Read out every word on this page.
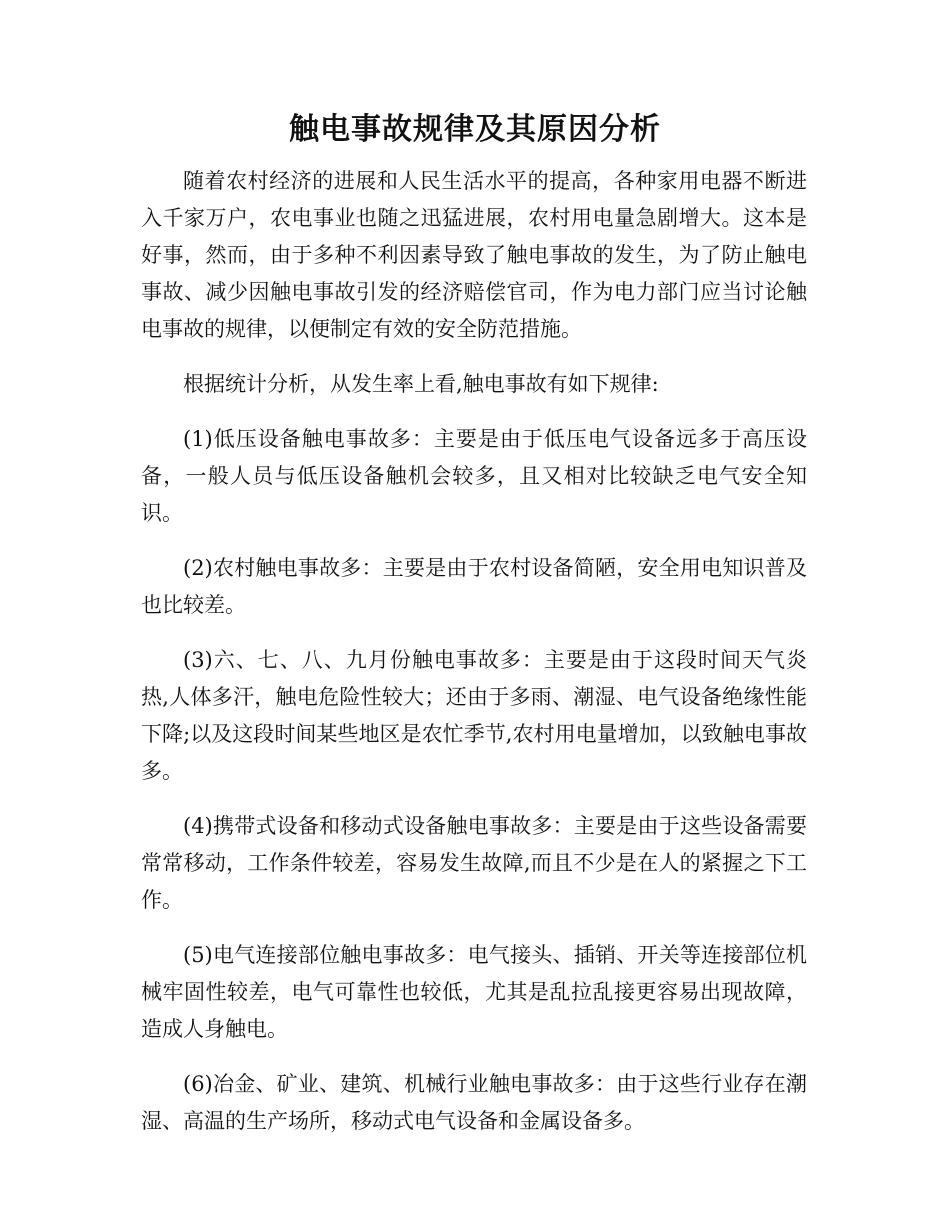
触电事故规律及其原因分析

随着农村经济的进展和人民生活水平的提高，各种家用电器不断进入千家万户，农电事业也随之迅猛进展，农村用电量急剧增大。这本是好事，然而，由于多种不利因素导致了触电事故的发生，为了防止触电事故、减少因触电事故引发的经济赔偿官司，作为电力部门应当讨论触电事故的规律，以便制定有效的安全防范措施。

根据统计分析，从发生率上看,触电事故有如下规律:

(1)低压设备触电事故多：主要是由于低压电气设备远多于高压设备，一般人员与低压设备触机会较多，且又相对比较缺乏电气安全知识。

(2)农村触电事故多：主要是由于农村设备简陋，安全用电知识普及也比较差。

(3)六、七、八、九月份触电事故多：主要是由于这段时间天气炎热,人体多汗，触电危险性较大；还由于多雨、潮湿、电气设备绝缘性能下降;以及这段时间某些地区是农忙季节,农村用电量增加，以致触电事故多。

(4)携带式设备和移动式设备触电事故多：主要是由于这些设备需要常常移动，工作条件较差，容易发生故障,而且不少是在人的紧握之下工作。

(5)电气连接部位触电事故多：电气接头、插销、开关等连接部位机械牢固性较差，电气可靠性也较低，尤其是乱拉乱接更容易出现故障，造成人身触电。

(6)冶金、矿业、建筑、机械行业触电事故多：由于这些行业存在潮湿、高温的生产场所，移动式电气设备和金属设备多。
